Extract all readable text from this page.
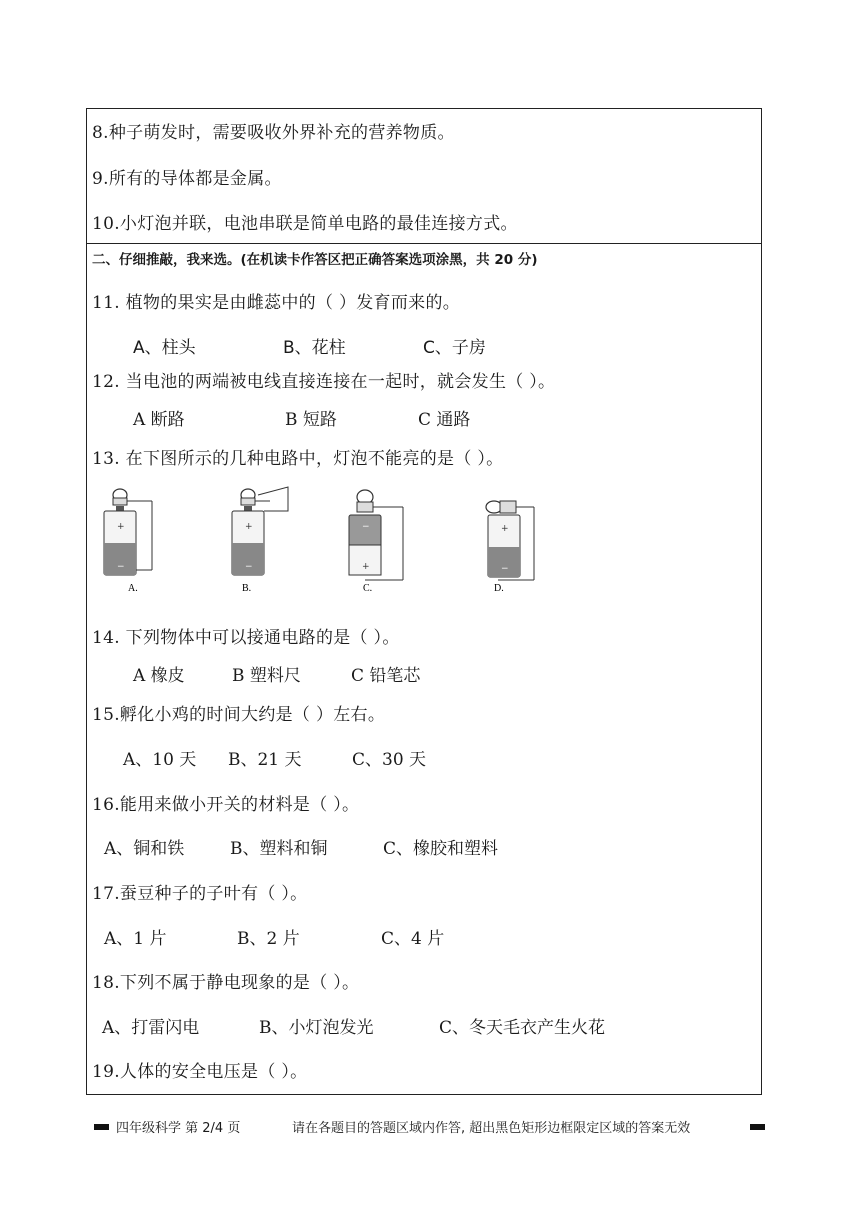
8.种子萌发时，需要吸收外界补充的营养物质。
9.所有的导体都是金属。
10.小灯泡并联，电池串联是简单电路的最佳连接方式。
二、仔细推敲，我来选。(在机读卡作答区把正确答案选项涂黑，共 20 分)
11. 植物的果实是由雌蕊中的（ ）发育而来的。
A、柱头	B、花柱	C、子房
12. 当电池的两端被电线直接连接在一起时，就会发生（ ）。
A 断路	B 短路	C 通路
13. 在下图所示的几种电路中，灯泡不能亮的是（ ）。
+
−
A.
+
−
B.
−
+
C.
+
−
D.
14. 下列物体中可以接通电路的是（ ）。
A 橡皮	B 塑料尺	C 铅笔芯
15.孵化小鸡的时间大约是（ ）左右。
A、10 天 B、21 天	C、30 天
16.能用来做小开关的材料是（ ）。
A、铜和铁	B、塑料和铜	C、橡胶和塑料
17.蚕豆种子的子叶有（ ）。
A、1 片	B、2 片	C、4 片
18.下列不属于静电现象的是（ ）。
A、打雷闪电	B、小灯泡发光	C、冬天毛衣产生火花
19.人体的安全电压是（ ）。
四年级科学 第 2/4 页	请在各题目的答题区域内作答, 超出黑色矩形边框限定区域的答案无效
